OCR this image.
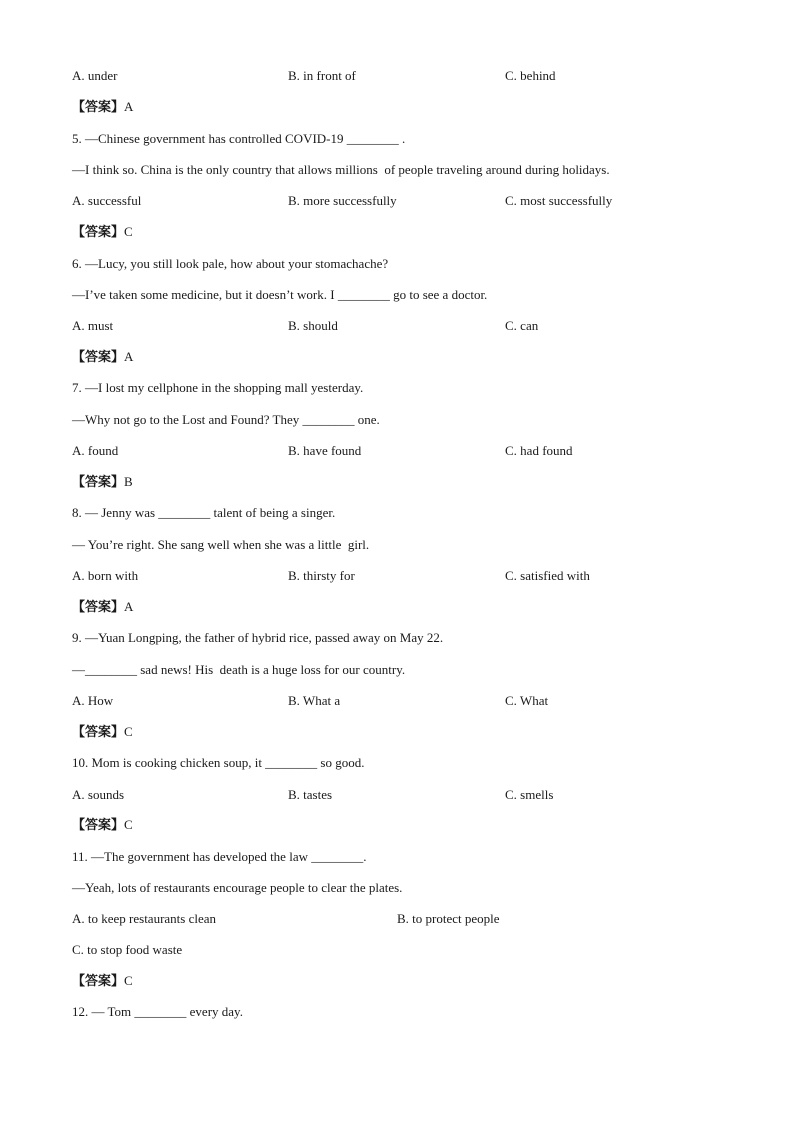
A. under	B. in front of	C. behind
【答案】A
5. —Chinese government has controlled COVID-19 ________ .
—I think so. China is the only country that allows millions  of people traveling around during holidays.
A. successful	B. more successfully	C. most successfully
【答案】C
6. —Lucy, you still look pale, how about your stomachache?
—I’ve taken some medicine, but it doesn’t work. I ________ go to see a doctor.
A. must	B. should	C. can
【答案】A
7. —I lost my cellphone in the shopping mall yesterday.
—Why not go to the Lost and Found? They ________ one.
A. found	B. have found	C. had found
【答案】B
8. — Jenny was ________ talent of being a singer.
— You’re right. She sang well when she was a little  girl.
A. born with	B. thirsty for	C. satisfied with
【答案】A
9. —Yuan Longping, the father of hybrid rice, passed away on May 22.
—________ sad news! His  death is a huge loss for our country.
A. How	B. What a	C. What
【答案】C
10. Mom is cooking chicken soup, it ________ so good.
A. sounds	B. tastes	C. smells
【答案】C
11. —The government has developed the law ________.
—Yeah, lots of restaurants encourage people to clear the plates.
A. to keep restaurants clean	B. to protect people
C. to stop food waste
【答案】C
12. — Tom ________ every day.
